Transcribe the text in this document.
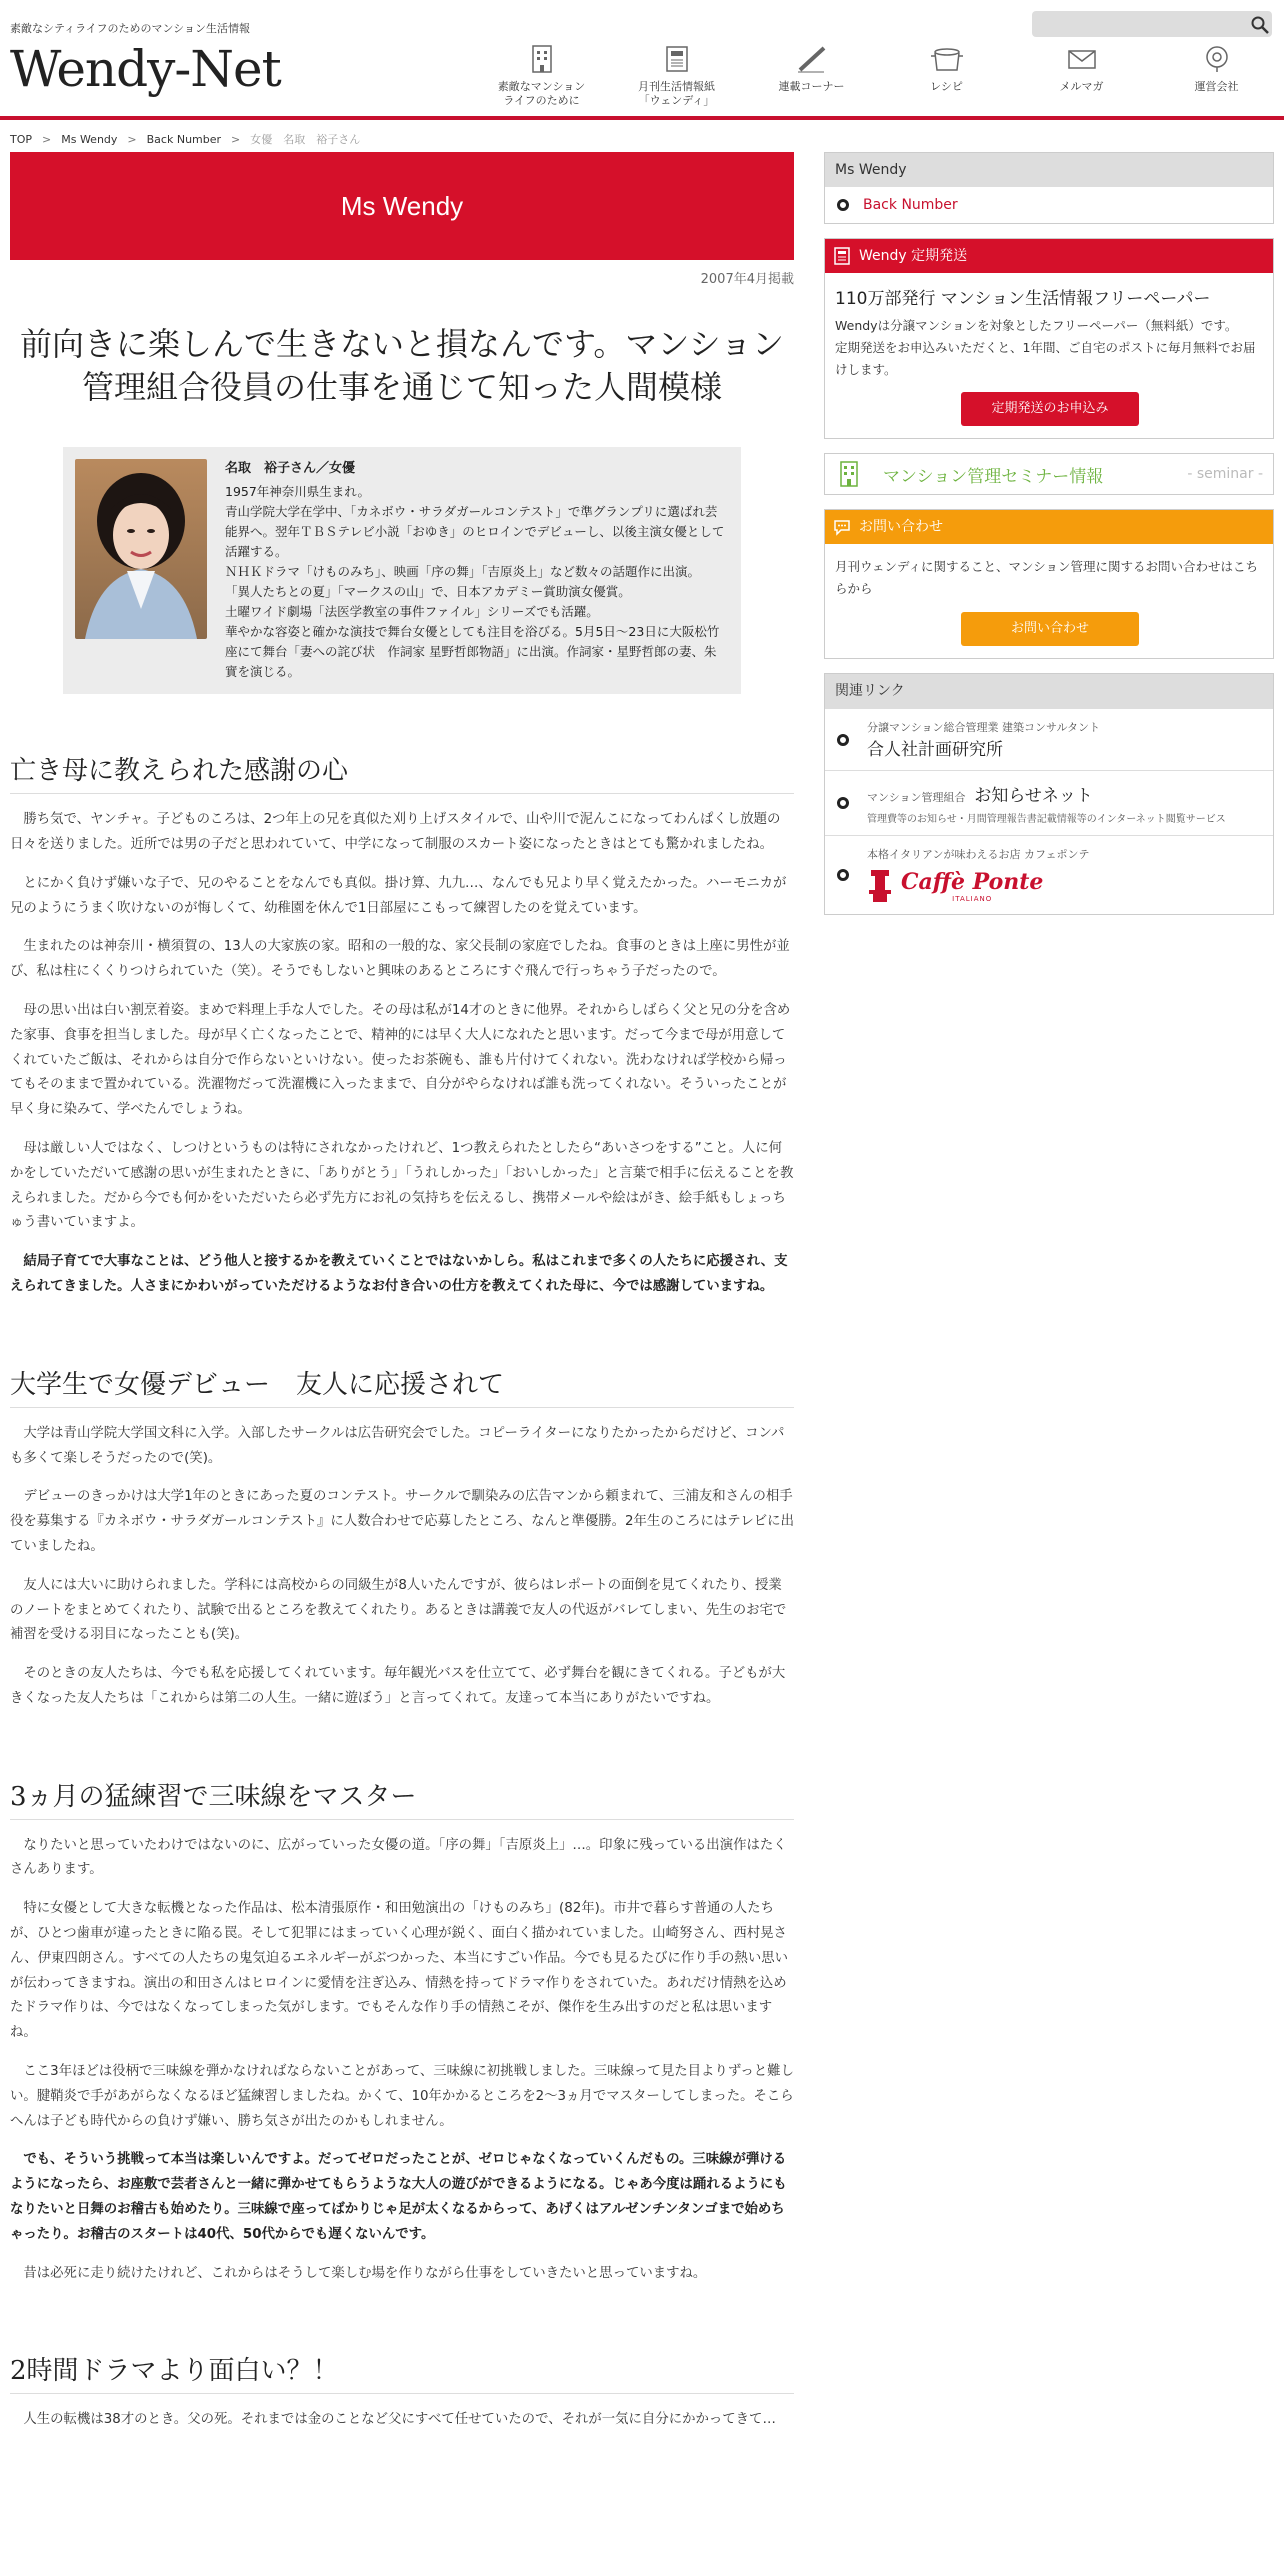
素敵なシティライフのためのマンション生活情報
Wendy-Net	素敵なマンション
ライフのために
月刊生活情報紙
「ウェンディ」
連載コーナー	レシピ	メルマガ	運営会社
TOP > Ms Wendy > Back Number > 女優　名取　裕子さん
Ms Wendy
2007年4月掲載
前向きに楽しんで生きないと損なんです。マンション管理組合役員の仕事を通じて知った人間模様
名取　裕子さん／女優
1957年神奈川県生まれ。
青山学院大学在学中、「カネボウ・サラダガールコンテスト」で準グランプリに選ばれ芸能界へ。翌年ＴＢＳテレビ小説「おゆき」のヒロインでデビューし、以後主演女優として活躍する。
ＮＨＫドラマ「けものみち」、映画「序の舞」「吉原炎上」など数々の話題作に出演。
「異人たちとの夏」「マークスの山」で、日本アカデミー賞助演女優賞。
土曜ワイド劇場「法医学教室の事件ファイル」シリーズでも活躍。
華やかな容姿と確かな演技で舞台女優としても注目を浴びる。5月5日～23日に大阪松竹座にて舞台「妻への詫び状　作詞家 星野哲郎物語」に出演。作詞家・星野哲郎の妻、朱實を演じる。
亡き母に教えられた感謝の心

勝ち気で、ヤンチャ。子どものころは、2つ年上の兄を真似た刈り上げスタイルで、山や川で泥んこになってわんぱくし放題の日々を送りました。近所では男の子だと思われていて、中学になって制服のスカート姿になったときはとても驚かれましたね。

とにかく負けず嫌いな子で、兄のやることをなんでも真似。掛け算、九九…、なんでも兄より早く覚えたかった。ハーモニカが兄のようにうまく吹けないのが悔しくて、幼稚園を休んで1日部屋にこもって練習したのを覚えています。

生まれたのは神奈川・横須賀の、13人の大家族の家。昭和の一般的な、家父長制の家庭でしたね。食事のときは上座に男性が並び、私は柱にくくりつけられていた（笑）。そうでもしないと興味のあるところにすぐ飛んで行っちゃう子だったので。

母の思い出は白い割烹着姿。まめで料理上手な人でした。その母は私が14才のときに他界。それからしばらく父と兄の分を含めた家事、食事を担当しました。母が早く亡くなったことで、精神的には早く大人になれたと思います。だって今まで母が用意してくれていたご飯は、それからは自分で作らないといけない。使ったお茶碗も、誰も片付けてくれない。洗わなければ学校から帰ってもそのままで置かれている。洗濯物だって洗濯機に入ったままで、自分がやらなければ誰も洗ってくれない。そういったことが早く身に染みて、学べたんでしょうね。

母は厳しい人ではなく、しつけというものは特にされなかったけれど、1つ教えられたとしたら“あいさつをする”こと。人に何かをしていただいて感謝の思いが生まれたときに、「ありがとう」「うれしかった」「おいしかった」と言葉で相手に伝えることを教えられました。だから今でも何かをいただいたら必ず先方にお礼の気持ちを伝えるし、携帯メールや絵はがき、絵手紙もしょっちゅう書いていますよ。

結局子育てで大事なことは、どう他人と接するかを教えていくことではないかしら。私はこれまで多くの人たちに応援され、支えられてきました。人さまにかわいがっていただけるようなお付き合いの仕方を教えてくれた母に、今では感謝していますね。

大学生で女優デビュー　友人に応援されて

大学は青山学院大学国文科に入学。入部したサークルは広告研究会でした。コピーライターになりたかったからだけど、コンパも多くて楽しそうだったので(笑)。

デビューのきっかけは大学1年のときにあった夏のコンテスト。サークルで馴染みの広告マンから頼まれて、三浦友和さんの相手役を募集する『カネボウ・サラダガールコンテスト』に人数合わせで応募したところ、なんと準優勝。2年生のころにはテレビに出ていましたね。

友人には大いに助けられました。学科には高校からの同級生が8人いたんですが、彼らはレポートの面倒を見てくれたり、授業のノートをまとめてくれたり、試験で出るところを教えてくれたり。あるときは講義で友人の代返がバレてしまい、先生のお宅で補習を受ける羽目になったことも(笑)。

そのときの友人たちは、今でも私を応援してくれています。毎年観光バスを仕立てて、必ず舞台を観にきてくれる。子どもが大きくなった友人たちは「これからは第二の人生。一緒に遊ぼう」と言ってくれて。友達って本当にありがたいですね。

3ヵ月の猛練習で三味線をマスター

なりたいと思っていたわけではないのに、広がっていった女優の道。「序の舞」「吉原炎上」…。印象に残っている出演作はたくさんあります。

特に女優として大きな転機となった作品は、松本清張原作・和田勉演出の「けものみち」(82年)。市井で暮らす普通の人たちが、ひとつ歯車が違ったときに陥る罠。そして犯罪にはまっていく心理が鋭く、面白く描かれていました。山崎努さん、西村晃さん、伊東四朗さん。すべての人たちの鬼気迫るエネルギーがぶつかった、本当にすごい作品。今でも見るたびに作り手の熱い思いが伝わってきますね。演出の和田さんはヒロインに愛情を注ぎ込み、情熱を持ってドラマ作りをされていた。あれだけ情熱を込めたドラマ作りは、今ではなくなってしまった気がします。でもそんな作り手の情熱こそが、傑作を生み出すのだと私は思いますね。

ここ3年ほどは役柄で三味線を弾かなければならないことがあって、三味線に初挑戦しました。三味線って見た目よりずっと難しい。腱鞘炎で手があがらなくなるほど猛練習しましたね。かくて、10年かかるところを2～3ヵ月でマスターしてしまった。そこらへんは子ども時代からの負けず嫌い、勝ち気さが出たのかもしれません。

でも、そういう挑戦って本当は楽しいんですよ。だってゼロだったことが、ゼロじゃなくなっていくんだもの。三味線が弾けるようになったら、お座敷で芸者さんと一緒に弾かせてもらうような大人の遊びができるようになる。じゃあ今度は踊れるようにもなりたいと日舞のお稽古も始めたり。三味線で座ってばかりじゃ足が太くなるからって、あげくはアルゼンチンタンゴまで始めちゃったり。お稽古のスタートは40代、50代からでも遅くないんです。

昔は必死に走り続けたけれど、これからはそうして楽しむ場を作りながら仕事をしていきたいと思っていますね。

2時間ドラマより面白い？！

人生の転機は38才のとき。父の死。それまでは金のことなど父にすべて任せていたので、それが一気に自分にかかってきて…

Ms Wendy
Back Number
Wendy 定期発送
110万部発行 マンション生活情報フリーペーパー
Wendyは分譲マンションを対象としたフリーペーパー（無料紙）です。
定期発送をお申込みいただくと、1年間、ご自宅のポストに毎月無料でお届けします。
定期発送のお申込み
マンション管理セミナー情報	- seminar -
お問い合わせ
月刊ウェンディに関すること、マンション管理に関するお問い合わせはこちらから
お問い合わせ
関連リンク
分譲マンション総合管理業 建築コンサルタント
合人社計画研究所
マンション管理組合 お知らせネット
管理費等のお知らせ・月間管理報告書記載情報等のインターネット閲覧サービス
本格イタリアンが味わえるお店 カフェポンテ
Caffè Ponte
ITALIANO
